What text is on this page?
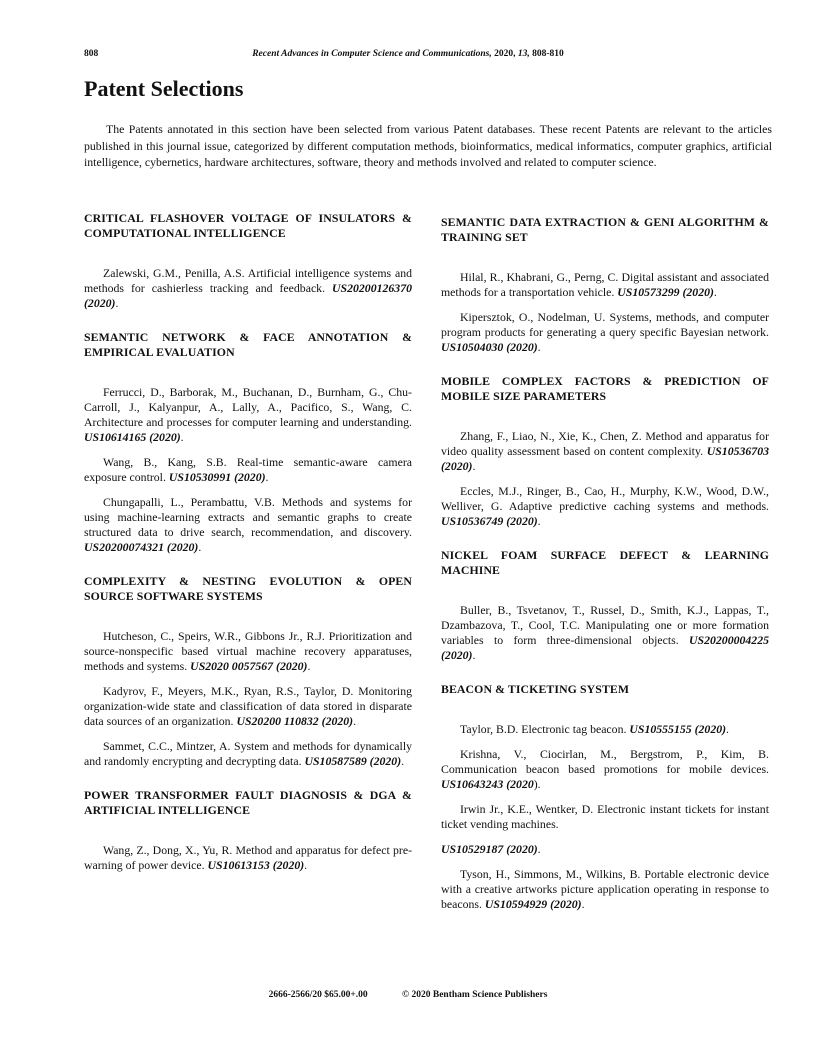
808	Recent Advances in Computer Science and Communications, 2020, 13, 808-810
Patent Selections

The Patents annotated in this section have been selected from various Patent databases. These recent Patents are relevant to the articles published in this journal issue, categorized by different computation methods, bioinformatics, medical informatics, computer graphics, artificial intelligence, cybernetics, hardware architectures, software, theory and methods involved and related to computer science.

CRITICAL FLASHOVER VOLTAGE OF INSULATORS & COMPUTATIONAL INTELLIGENCE

Zalewski, G.M., Penilla, A.S. Artificial intelligence systems and methods for cashierless tracking and feedback. US20200126370 (2020).

SEMANTIC NETWORK & FACE ANNOTATION & EMPIRICAL EVALUATION

Ferrucci, D., Barborak, M., Buchanan, D., Burnham, G., Chu-Carroll, J., Kalyanpur, A., Lally, A., Pacifico, S., Wang, C. Architecture and processes for computer learning and understanding. US10614165 (2020).

Wang, B., Kang, S.B. Real-time semantic-aware camera exposure control. US10530991 (2020).

Chungapalli, L., Perambattu, V.B. Methods and systems for using machine-learning extracts and semantic graphs to create structured data to drive search, recommendation, and discovery. US20200074321 (2020).

COMPLEXITY & NESTING EVOLUTION & OPEN SOURCE SOFTWARE SYSTEMS

Hutcheson, C., Speirs, W.R., Gibbons Jr., R.J. Prioritization and source-nonspecific based virtual machine recovery apparatuses, methods and systems. US2020 0057567 (2020).

Kadyrov, F., Meyers, M.K., Ryan, R.S., Taylor, D. Monitoring organization-wide state and classification of data stored in disparate data sources of an organization. US20200 110832 (2020).

Sammet, C.C., Mintzer, A. System and methods for dynamically and randomly encrypting and decrypting data. US10587589 (2020).

POWER TRANSFORMER FAULT DIAGNOSIS & DGA & ARTIFICIAL INTELLIGENCE

Wang, Z., Dong, X., Yu, R. Method and apparatus for defect pre-warning of power device. US10613153 (2020).

SEMANTIC DATA EXTRACTION & GENI ALGORITHM & TRAINING SET

Hilal, R., Khabrani, G., Perng, C. Digital assistant and associated methods for a transportation vehicle. US10573299 (2020).

Kipersztok, O., Nodelman, U. Systems, methods, and computer program products for generating a query specific Bayesian network. US10504030 (2020).

MOBILE COMPLEX FACTORS & PREDICTION OF MOBILE SIZE PARAMETERS

Zhang, F., Liao, N., Xie, K., Chen, Z. Method and apparatus for video quality assessment based on content complexity. US10536703 (2020).

Eccles, M.J., Ringer, B., Cao, H., Murphy, K.W., Wood, D.W., Welliver, G. Adaptive predictive caching systems and methods. US10536749 (2020).

NICKEL FOAM SURFACE DEFECT & LEARNING MACHINE

Buller, B., Tsvetanov, T., Russel, D., Smith, K.J., Lappas, T., Dzambazova, T., Cool, T.C. Manipulating one or more formation variables to form three-dimensional objects. US20200004225 (2020).

BEACON & TICKETING SYSTEM

Taylor, B.D. Electronic tag beacon. US10555155 (2020).

Krishna, V., Ciocirlan, M., Bergstrom, P., Kim, B. Communication beacon based promotions for mobile devices. US10643243 (2020).

Irwin Jr., K.E., Wentker, D. Electronic instant tickets for instant ticket vending machines.

US10529187 (2020).

Tyson, H., Simmons, M., Wilkins, B. Portable electronic device with a creative artworks picture application operating in response to beacons. US10594929 (2020).

2666-2566/20 $65.00+.00	© 2020 Bentham Science Publishers
